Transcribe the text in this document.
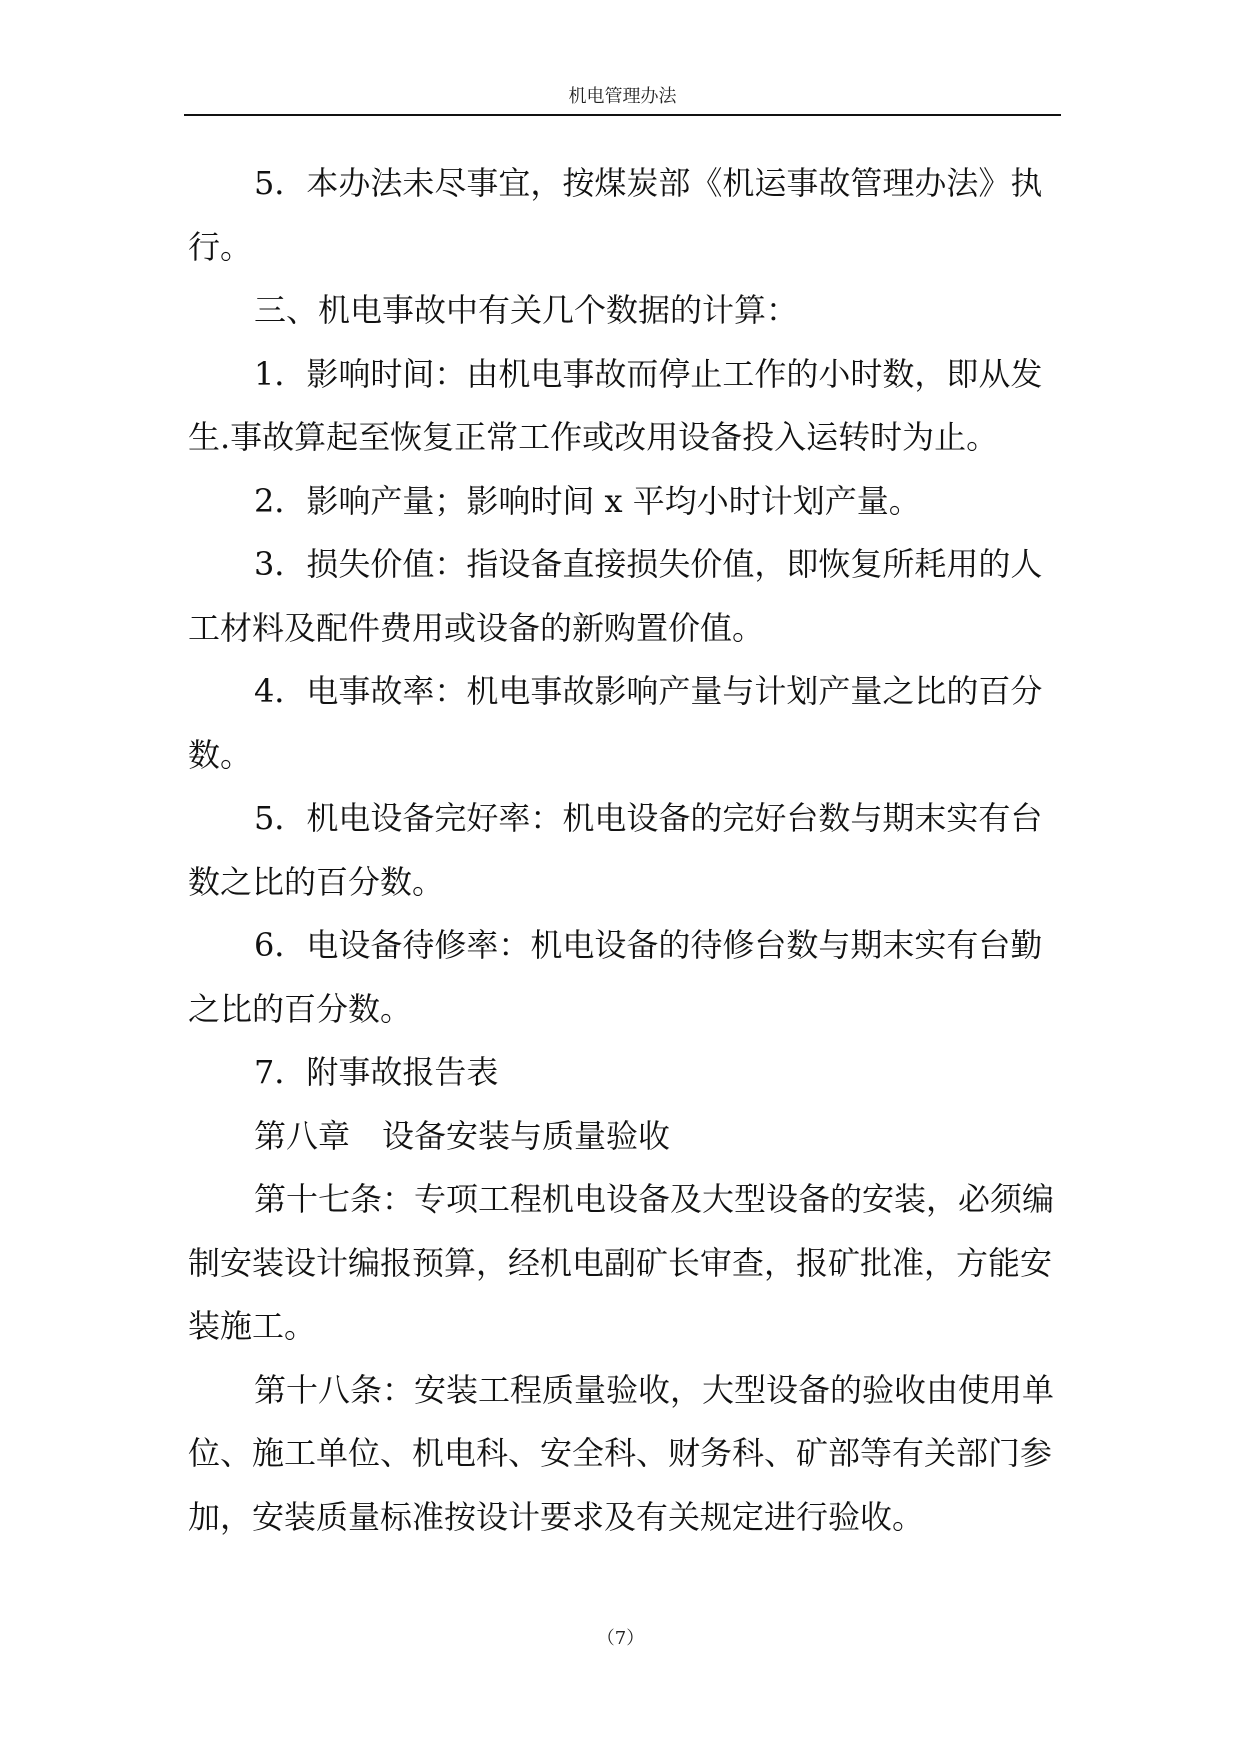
机电管理办法

5．本办法未尽事宜，按煤炭部《机运事故管理办法》执行。

三、机电事故中有关几个数据的计算：

1．影响时间：由机电事故而停止工作的小时数，即从发生.事故算起至恢复正常工作或改用设备投入运转时为止。

2．影响产量；影响时间 x 平均小时计划产量。

3．损失价值：指设备直接损失价值，即恢复所耗用的人工材料及配件费用或设备的新购置价值。

4．电事故率：机电事故影响产量与计划产量之比的百分数。

5．机电设备完好率：机电设备的完好台数与期末实有台数之比的百分数。

6．电设备待修率：机电设备的待修台数与期末实有台勤之比的百分数。

7．附事故报告表

第八章　设备安装与质量验收

第十七条：专项工程机电设备及大型设备的安装，必须编制安装设计编报预算，经机电副矿长审查，报矿批准，方能安装施工。

第十八条：安装工程质量验收，大型设备的验收由使用单位、施工单位、机电科、安全科、财务科、矿部等有关部门参加，安装质量标准按设计要求及有关规定进行验收。

（7）
